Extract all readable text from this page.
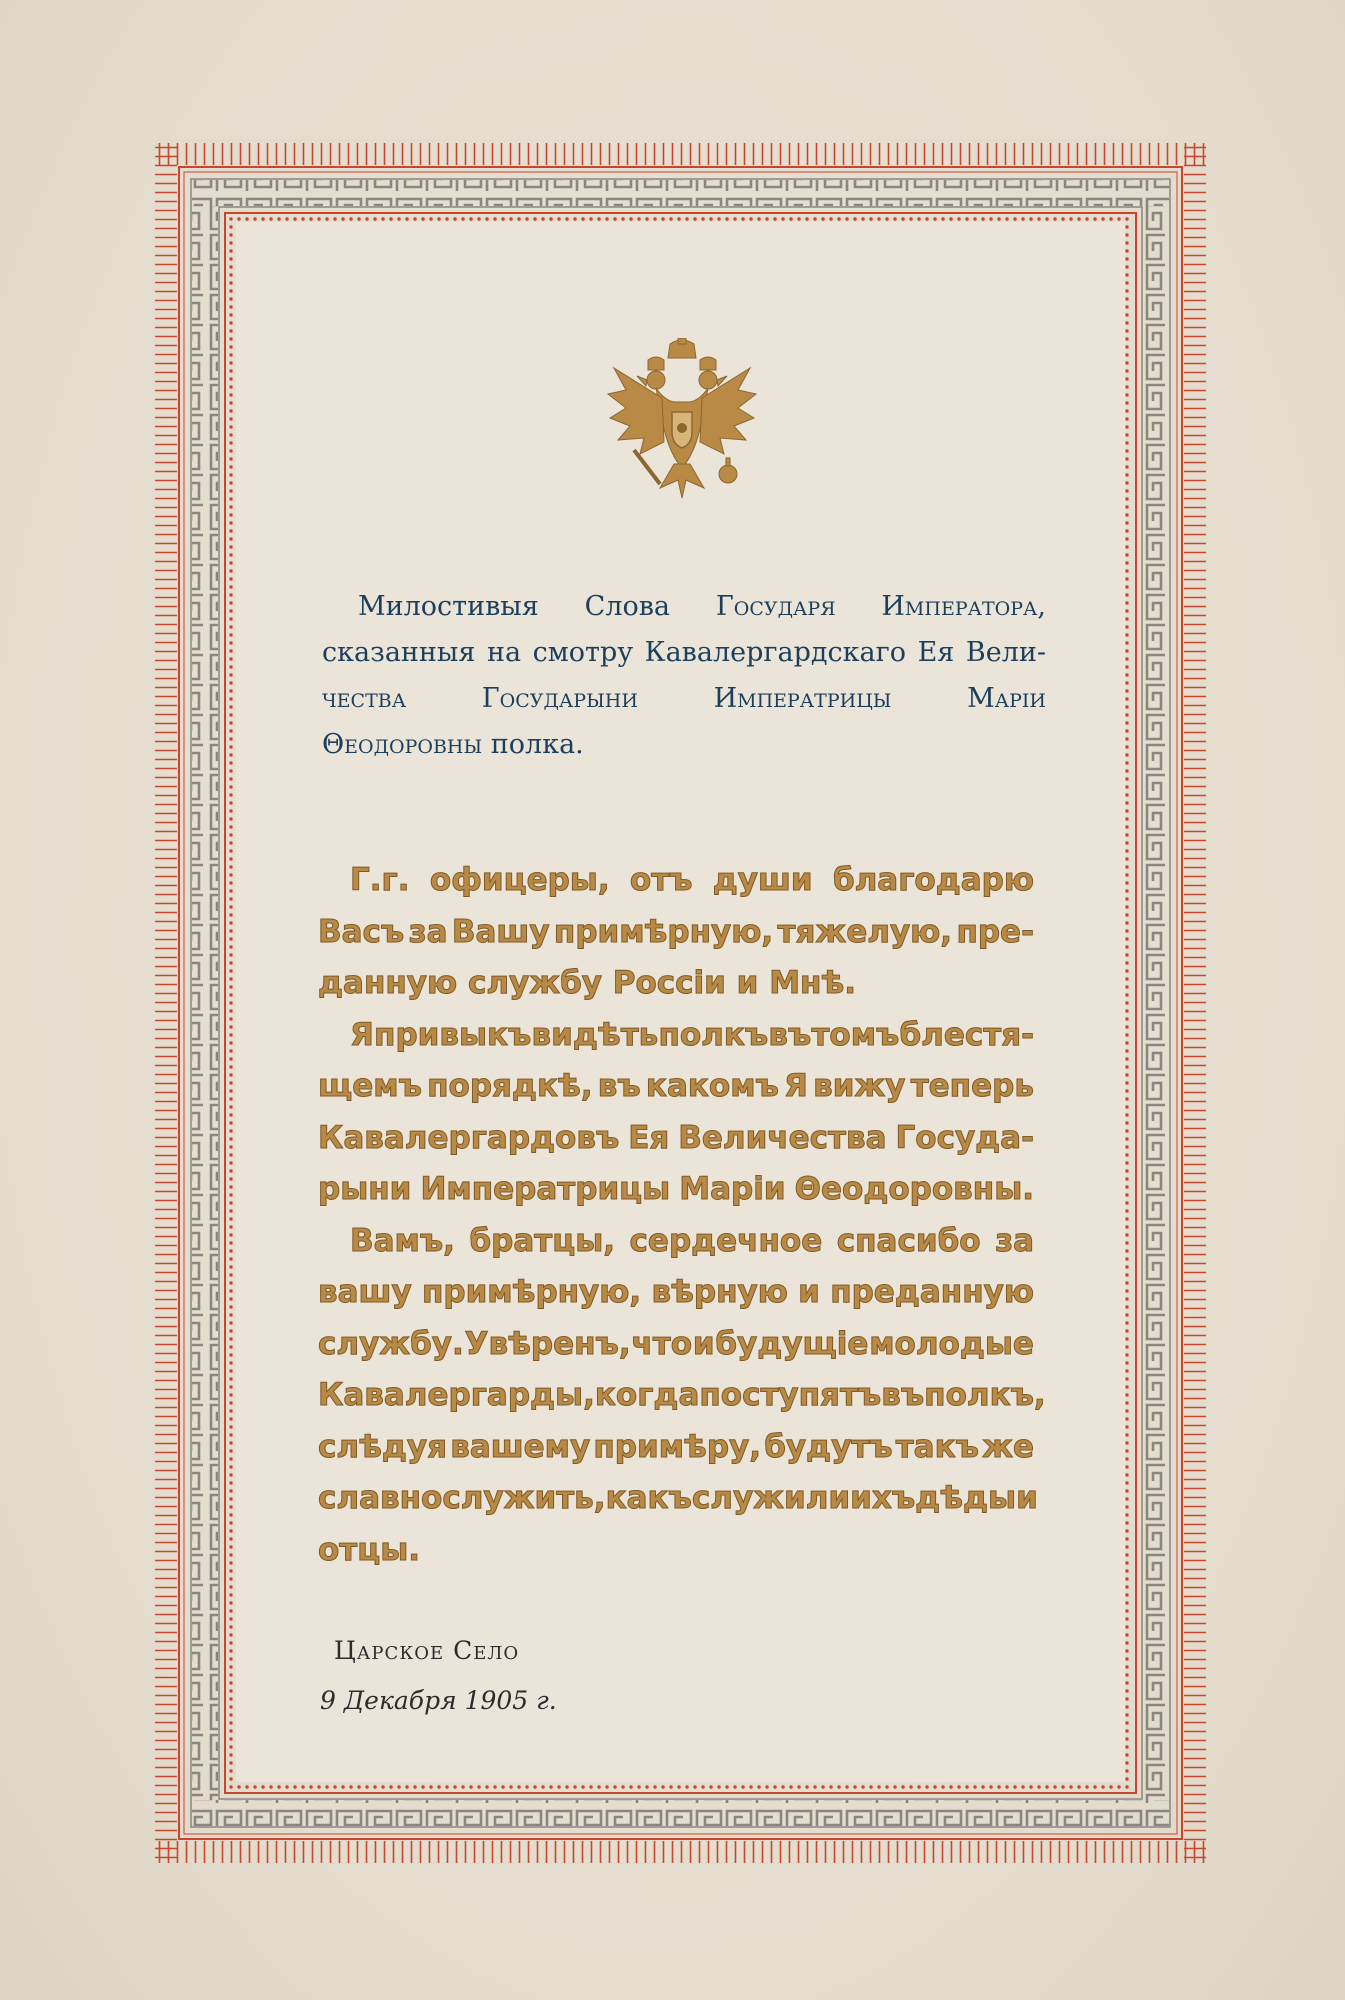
Милостивыя Слова Государя Императора,
сказанныя на смотру Кавалергардскаго Ея Вели-
чества	Государыни	Императрицы	Марiи
Θеодоровны
полка.
Г.г. офицеры, отъ души благодарю
Васъ за Вашу примѣрную, тяжелую, пре-
данную
службу
Россiи
и
Мнѣ.
Я привыкъ видѣть полкъ въ томъ блестя-
щемъ порядкѣ, въ какомъ Я вижу теперь
Кавалергардовъ Ея Величества Госуда-
рыни Императрицы Марiи Θеодоровны.
Вамъ, братцы, сердечное спасибо за
вашу примѣрную, вѣрную и преданную
службу. Увѣренъ, что и будущiе молодые
Кавалергарды, когда поступятъ въ полкъ,
слѣдуя вашему примѣру, будутъ такъ же
славно служить, какъ служили ихъ дѣды и
отцы.
Царское Село
9 Декабря 1905 г.
